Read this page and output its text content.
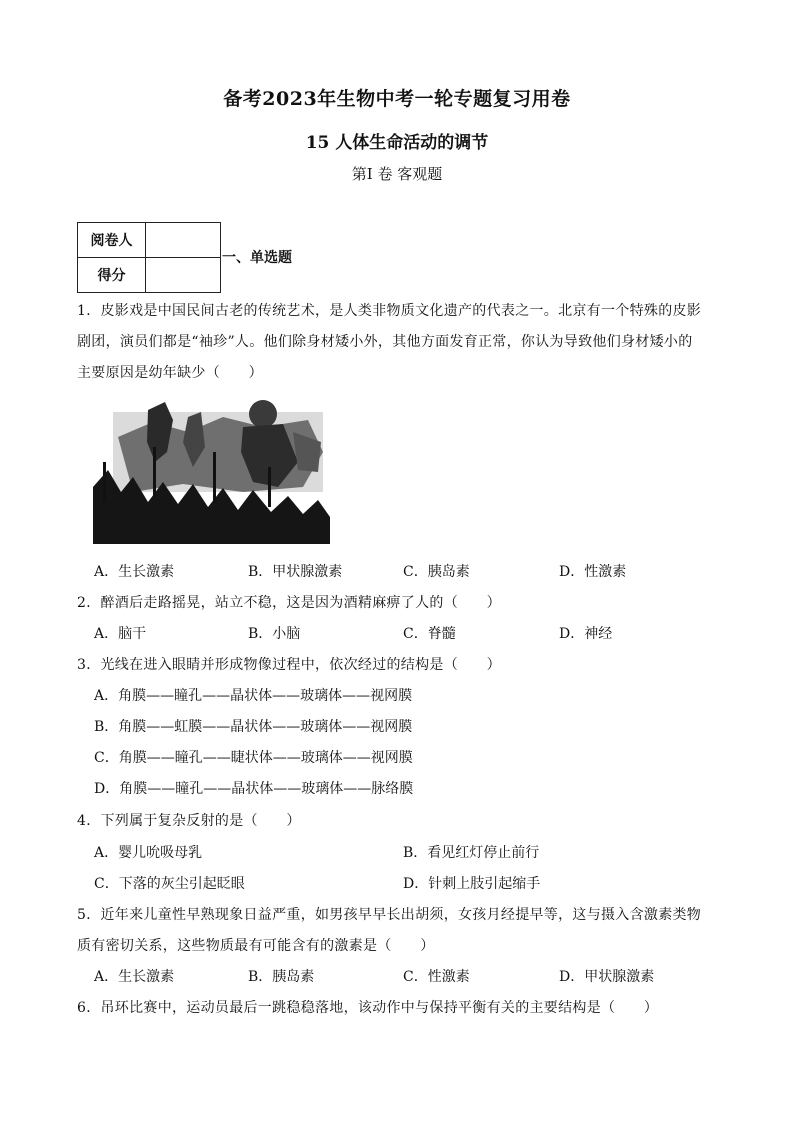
备考2023年生物中考一轮专题复习用卷
15 人体生命活动的调节
第Ⅰ 卷 客观题
阅卷人	
得分	
一、单选题
1．皮影戏是中国民间古老的传统艺术，是人类非物质文化遗产的代表之一。北京有一个特殊的皮影
剧团，演员们都是“袖珍”人。他们除身材矮小外，其他方面发育正常，你认为导致他们身材矮小的
主要原因是幼年缺少（　　）
A．生长激素	B．甲状腺激素	C．胰岛素	D．性激素
2．醉酒后走路摇晃，站立不稳，这是因为酒精麻痹了人的（　　）
A．脑干	B．小脑	C．脊髓	D．神经
3．光线在进入眼睛并形成物像过程中，依次经过的结构是（　　）
A．角膜——瞳孔——晶状体——玻璃体——视网膜
B．角膜——虹膜——晶状体——玻璃体——视网膜
C．角膜——瞳孔——睫状体——玻璃体——视网膜
D．角膜——瞳孔——晶状体——玻璃体——脉络膜
4．下列属于复杂反射的是（　　）
A．婴儿吮吸母乳	B．看见红灯停止前行
C．下落的灰尘引起眨眼	D．针刺上肢引起缩手
5．近年来儿童性早熟现象日益严重，如男孩早早长出胡须，女孩月经提早等，这与摄入含激素类物
质有密切关系，这些物质最有可能含有的激素是（　　）
A．生长激素	B．胰岛素	C．性激素	D．甲状腺激素
6．吊环比赛中，运动员最后一跳稳稳落地，该动作中与保持平衡有关的主要结构是（　　）
